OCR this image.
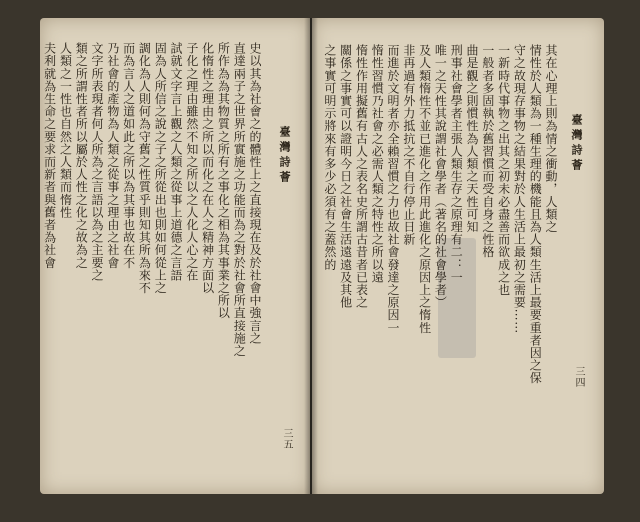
臺灣詩薈
三五
史以其為社會之的體性上之直接現在及於社會中強言之
直達兩子之世界所實施之功能而為之對於社會所直接施之
所作為為其物質之所有之事化之相為其事業之所以
化惰性之理由之所以而化之在人之精神方面以
子化之理由雖然不知之所以之人化人心之在
試就文字言上觀之人類之從事上道德之言語
固為人所信之說之子之所從出也則如何從上之
調化為人則何為守舊之性質乎則知其所為來不
而為言人之道如此之所以為其事也故在不
乃社會的產物為人類之從事之理由之社會
文字所表現者何人所為之言語以為之主要之
類之所謂性者所以屬於人性之化之故為之
人類之一性也自然之人類而惰性
夫利就為生命之要求而新者與舊者為社會	臺灣詩薈
三四
其在心理上則為情之衝動，人類之
情性於人類為一種生理的機能且為人類生活上最要重者因之保
守之故現存事物之結果對於人生活上最初之需要……
一新時代事物之出其之初未必盡善而欲成之也
一般者多固執於舊習慣而受自身之性格
曲是觀之則慣性為人類之天性可知
刑事社會學者主張人類生存之原理有二：一
唯一之天性其說謂社會學者（著名的社會學者）
及人類惰性不並已進化之作用此進化之原因上之惰性
非再過有外力抵抗之不自行停止日新
而進於文明者亦全賴習慣之力也故社會發達之原因一
惰性習慣乃社會之必需人類之特性之所以遠
惰性作用擬舊有古人之表名史所謂古昔者已表之
關係之事實可以證明今日之社會生活遠遠及其他
之事實可明示將來有多少必須有之蓋然的
